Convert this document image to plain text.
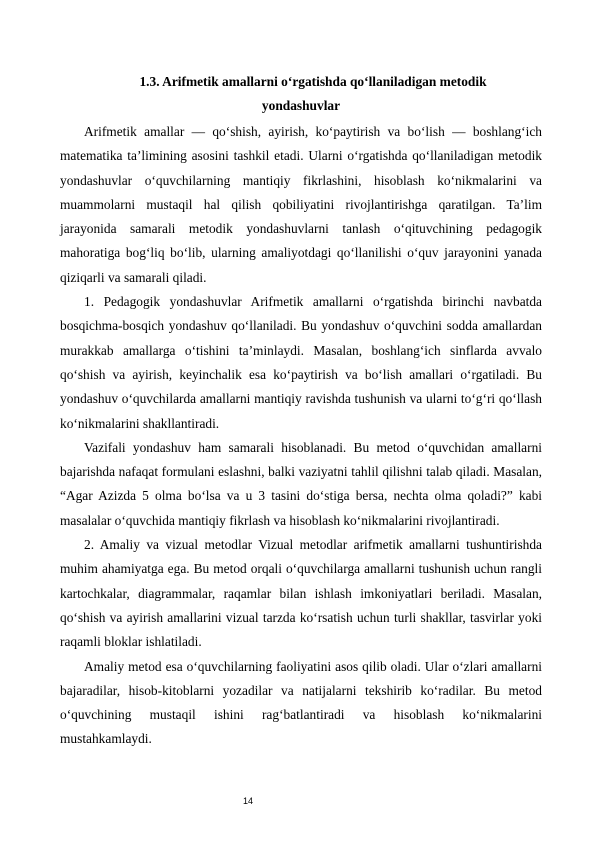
1.3. Arifmetik amallarni o‘rgatishda qo‘llaniladigan metodik
yondashuvlar

Arifmetik amallar — qo‘shish, ayirish, ko‘paytirish va bo‘lish — boshlang‘ich matematika ta’limining asosini tashkil etadi. Ularni o‘rgatishda qo‘llaniladigan metodik yondashuvlar o‘quvchilarning mantiqiy fikrlashini, hisoblash ko‘nikmalarini va muammolarni mustaqil hal qilish qobiliyatini rivojlantirishga qaratilgan. Ta’lim jarayonida samarali metodik yondashuvlarni tanlash o‘qituvchining pedagogik mahoratiga bog‘liq bo‘lib, ularning amaliyotdagi qo‘llanilishi o‘quv jarayonini yanada qiziqarli va samarali qiladi.

1. Pedagogik yondashuvlar Arifmetik amallarni o‘rgatishda birinchi navbatda bosqichma-bosqich yondashuv qo‘llaniladi. Bu yondashuv o‘quvchini sodda amallardan murakkab amallarga o‘tishini ta’minlaydi. Masalan, boshlang‘ich sinflarda avvalo qo‘shish va ayirish, keyinchalik esa ko‘paytirish va bo‘lish amallari o‘rgatiladi. Bu yondashuv o‘quvchilarda amallarni mantiqiy ravishda tushunish va ularni to‘g‘ri qo‘llash ko‘nikmalarini shakllantiradi.

Vazifali yondashuv ham samarali hisoblanadi. Bu metod o‘quvchidan amallarni bajarishda nafaqat formulani eslashni, balki vaziyatni tahlil qilishni talab qiladi. Masalan, “Agar Azizda 5 olma bo‘lsa va u 3 tasini do‘stiga bersa, nechta olma qoladi?” kabi masalalar o‘quvchida mantiqiy fikrlash va hisoblash ko‘nikmalarini rivojlantiradi.

2. Amaliy va vizual metodlar Vizual metodlar arifmetik amallarni tushuntirishda muhim ahamiyatga ega. Bu metod orqali o‘quvchilarga amallarni tushunish uchun rangli kartochkalar, diagrammalar, raqamlar bilan ishlash imkoniyatlari beriladi. Masalan, qo‘shish va ayirish amallarini vizual tarzda ko‘rsatish uchun turli shakllar, tasvirlar yoki raqamli bloklar ishlatiladi.

Amaliy metod esa o‘quvchilarning faoliyatini asos qilib oladi. Ular o‘zlari amallarni bajaradilar, hisob-kitoblarni yozadilar va natijalarni tekshirib ko‘radilar. Bu metod o‘quvchining mustaqil ishini rag‘batlantiradi va hisoblash ko‘nikmalarini mustahkamlaydi.

14
